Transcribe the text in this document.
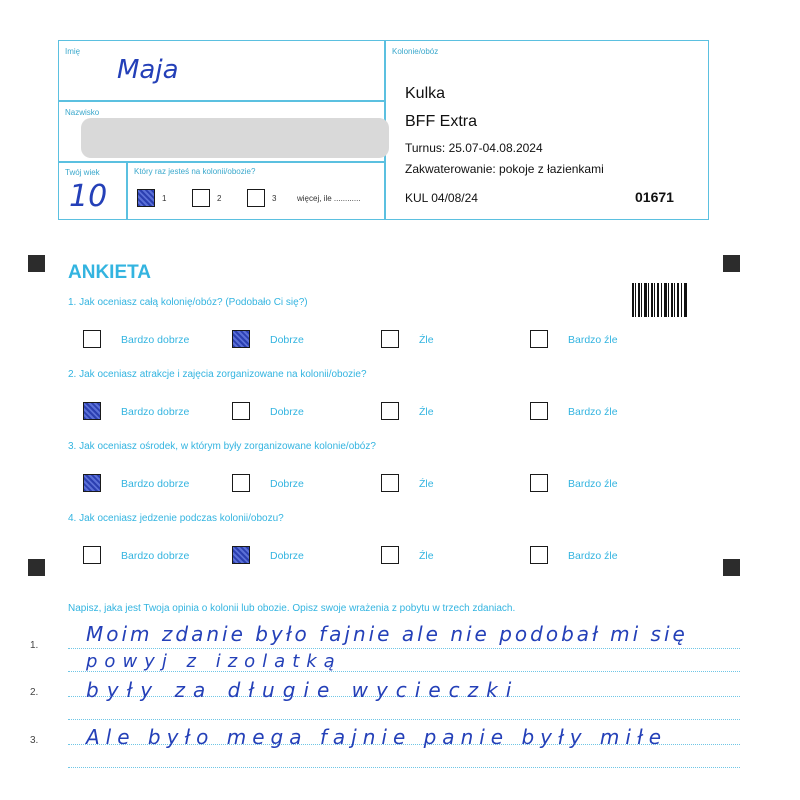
Imię
Maja
Nazwisko
Twój wiek
10
Który raz jesteś na kolonii/obozie?
1	2	3	więcej, ile ............
Kolonie/obóz
Kulka
BFF Extra
Turnus: 25.07-04.08.2024
Zakwaterowanie: pokoje z łazienkami
KUL 04/08/24	01671
ANKIETA
1. Jak oceniasz całą kolonię/obóz? (Podobało Ci się?)
Bardzo dobrze	Dobrze	Źle	Bardzo źle
2. Jak oceniasz atrakcje i zajęcia zorganizowane na kolonii/obozie?
Bardzo dobrze	Dobrze	Źle	Bardzo źle
3. Jak oceniasz ośrodek, w którym były zorganizowane kolonie/obóz?
Bardzo dobrze	Dobrze	Źle	Bardzo źle
4. Jak oceniasz jedzenie podczas kolonii/obozu?
Bardzo dobrze	Dobrze	Źle	Bardzo źle
Napisz, jaka jest Twoja opinia o kolonii lub obozie. Opisz swoje wrażenia z pobytu w trzech zdaniach.
1.
2.
3.
Moim zdanie było fajnie ale nie podobał mi się
powyj z izolatką
były za długie wycieczki
Ale było mega fajnie panie były miłe
